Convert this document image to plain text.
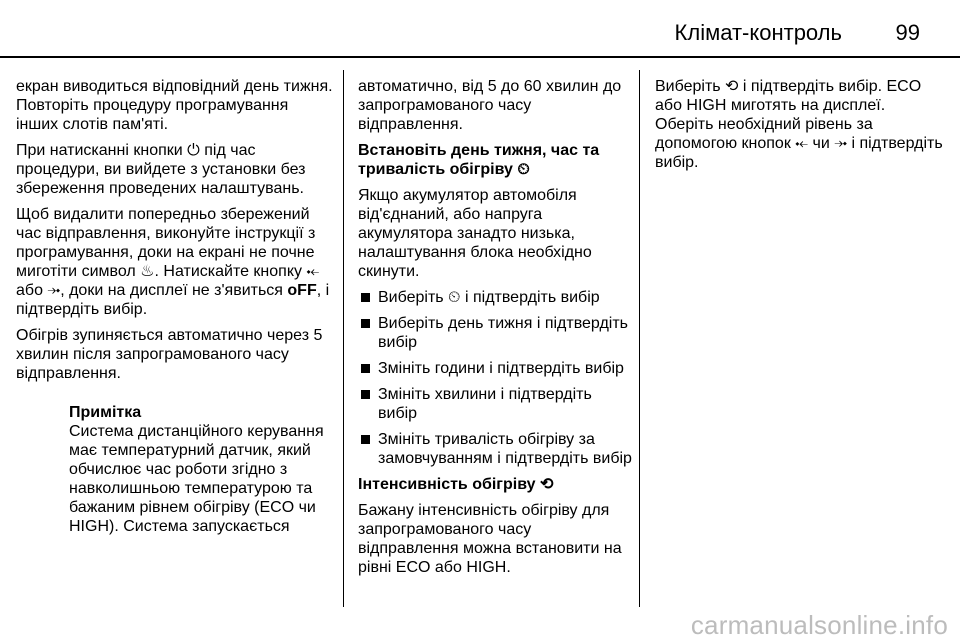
Клімат-контроль 99

екран виводиться відповідний день тижня. Повторіть процедуру програмування інших слотів пам'яті.

При натисканні кнопки ⏻ під час процедури, ви вийдете з установки без збереження проведених налаштувань.

Щоб видалити попередньо збережений час відправлення, виконуйте інструкції з програмування, доки на екрані не почне миготіти символ ♨. Натискайте кнопку ⤝ або ⤞, доки на дисплеї не з'явиться oFF, і підтвердіть вибір.

Обігрів зупиняється автоматично через 5 хвилин після запрограмованого часу відправлення.

Примітка
Система дистанційного керування має температурний датчик, який обчислює час роботи згідно з навколишньою температурою та бажаним рівнем обігріву (ECO чи HIGH). Система запускається

автоматично, від 5 до 60 хвилин до запрограмованого часу відправлення.

Встановіть день тижня, час та тривалість обігріву ⏲

Якщо акумулятор автомобіля від'єднаний, або напруга акумулятора занадто низька, налаштування блока необхідно скинути.

Виберіть ⏲ і підтвердіть вибір
Виберіть день тижня і підтвердіть вибір
Змініть години і підтвердіть вибір
Змініть хвилини і підтвердіть вибір
Змініть тривалість обігріву за замовчуванням і підтвердіть вибір

Інтенсивність обігріву ⟲

Бажану інтенсивність обігріву для запрограмованого часу відправлення можна встановити на рівні ECO або HIGH.

Виберіть ⟲ і підтвердіть вибір. ECO або HIGH миготять на дисплеї. Оберіть необхідний рівень за допомогою кнопок ⤝ чи ⤞ і підтвердіть вибір.

carmanualsonline.info
